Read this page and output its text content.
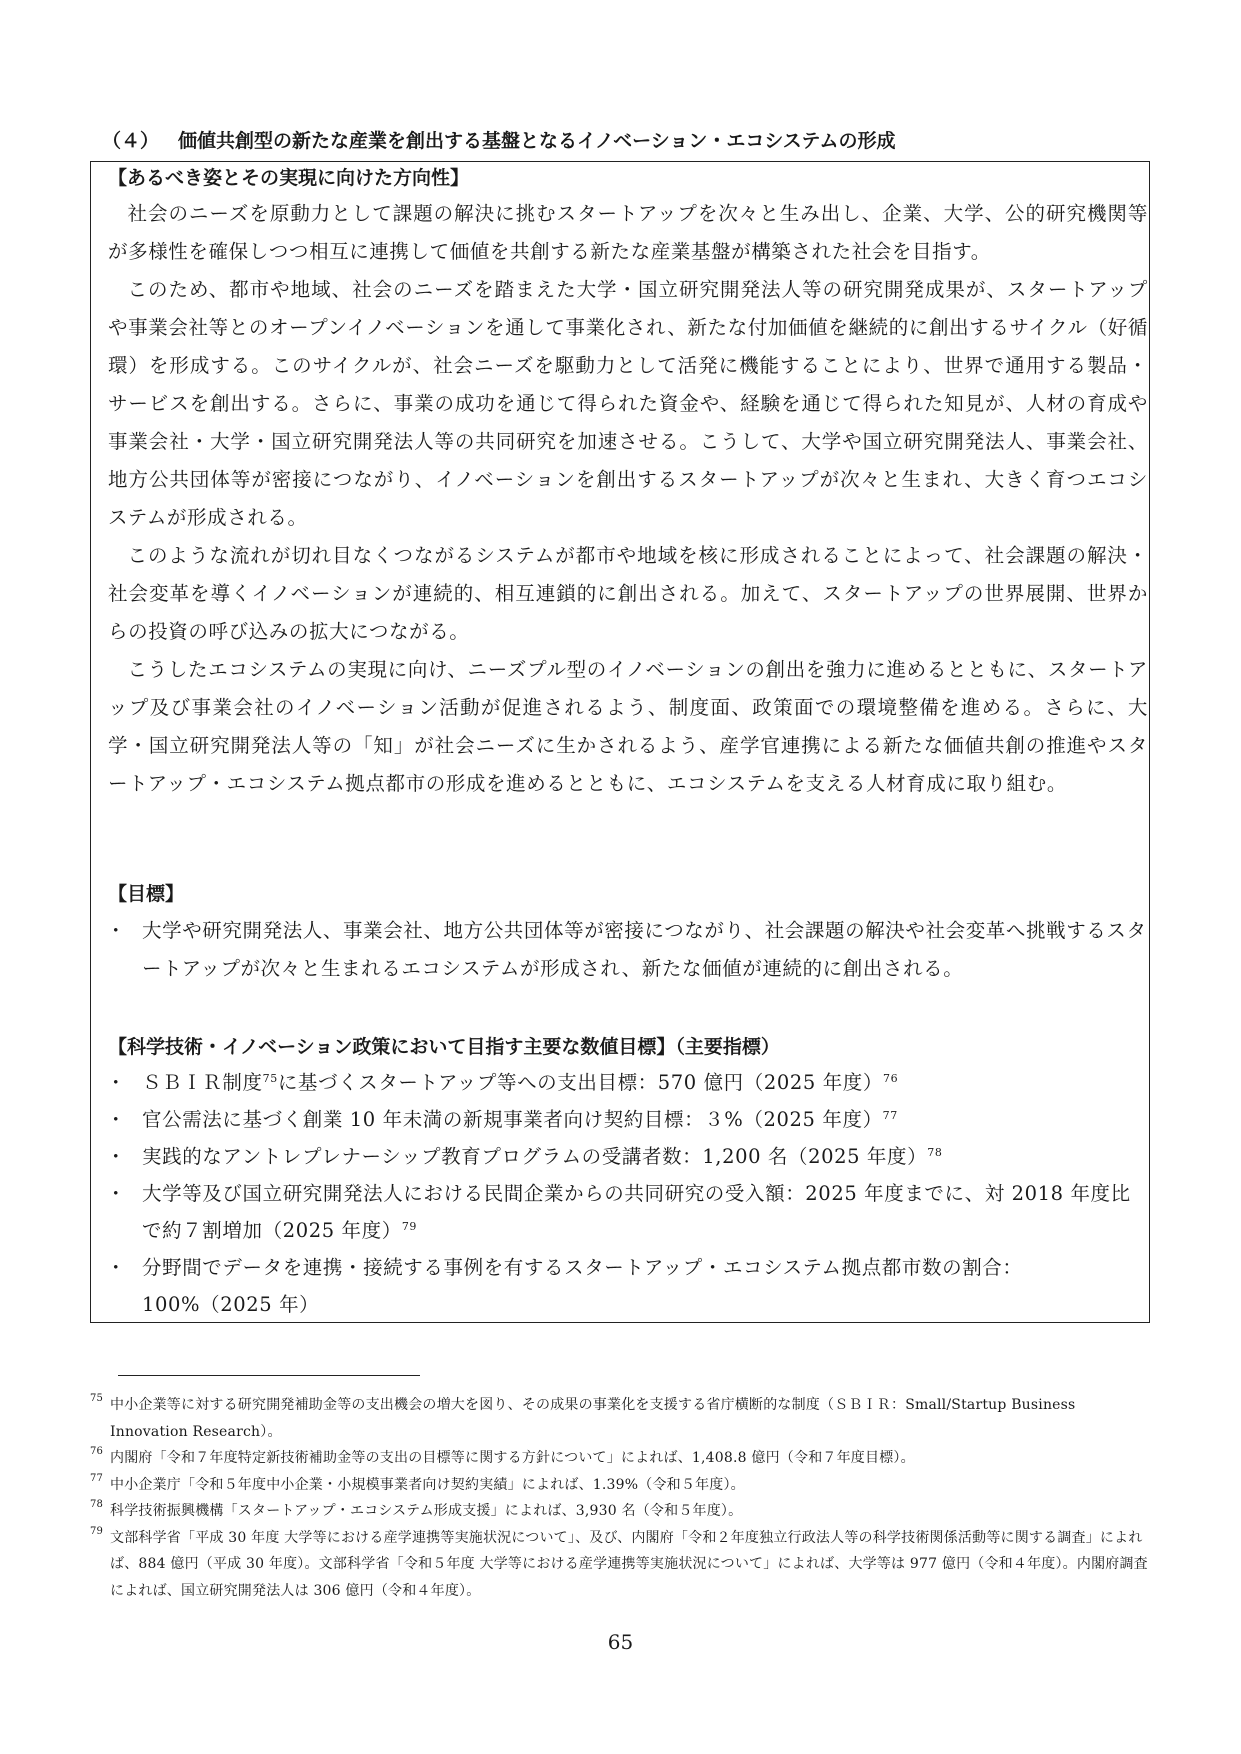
（４） 価値共創型の新たな産業を創出する基盤となるイノベーション・エコシステムの形成
【あるべき姿とその実現に向けた方向性】

社会のニーズを原動力として課題の解決に挑むスタートアップを次々と生み出し、企業、大学、公的研究機関等が多様性を確保しつつ相互に連携して価値を共創する新たな産業基盤が構築された社会を目指す。

このため、都市や地域、社会のニーズを踏まえた大学・国立研究開発法人等の研究開発成果が、スタートアップや事業会社等とのオープンイノベーションを通して事業化され、新たな付加価値を継続的に創出するサイクル（好循環）を形成する。このサイクルが、社会ニーズを駆動力として活発に機能することにより、世界で通用する製品・サービスを創出する。さらに、事業の成功を通じて得られた資金や、経験を通じて得られた知見が、人材の育成や事業会社・大学・国立研究開発法人等の共同研究を加速させる。こうして、大学や国立研究開発法人、事業会社、地方公共団体等が密接につながり、イノベーションを創出するスタートアップが次々と生まれ、大きく育つエコシステムが形成される。

このような流れが切れ目なくつながるシステムが都市や地域を核に形成されることによって、社会課題の解決・社会変革を導くイノベーションが連続的、相互連鎖的に創出される。加えて、スタートアップの世界展開、世界からの投資の呼び込みの拡大につながる。

こうしたエコシステムの実現に向け、ニーズプル型のイノベーションの創出を強力に進めるとともに、スタートアップ及び事業会社のイノベーション活動が促進されるよう、制度面、政策面での環境整備を進める。さらに、大学・国立研究開発法人等の「知」が社会ニーズに生かされるよう、産学官連携による新たな価値共創の推進やスタートアップ・エコシステム拠点都市の形成を進めるとともに、エコシステムを支える人材育成に取り組む。

【目標】
・ 大学や研究開発法人、事業会社、地方公共団体等が密接につながり、社会課題の解決や社会変革へ挑戦するスタートアップが次々と生まれるエコシステムが形成され、新たな価値が連続的に創出される。
【科学技術・イノベーション政策において目指す主要な数値目標】（主要指標）
・ ＳＢＩＲ制度$^{75}$に基づくスタートアップ等への支出目標：570 億円（2025 年度）$^{76}$
・ 官公需法に基づく創業 10 年未満の新規事業者向け契約目標：３%（2025 年度）$^{77}$
・ 実践的なアントレプレナーシップ教育プログラムの受講者数：1,200 名（2025 年度）$^{78}$
・ 大学等及び国立研究開発法人における民間企業からの共同研究の受入額：2025 年度までに、対 2018 年度比で約７割増加（2025 年度）$^{79}$
・ 分野間でデータを連携・接続する事例を有するスタートアップ・エコシステム拠点都市数の割合：100%（2025 年）
75 中小企業等に対する研究開発補助金等の支出機会の増大を図り、その成果の事業化を支援する省庁横断的な制度（ＳＢＩＲ：Small/Startup Business Innovation Research）。
76 内閣府「令和７年度特定新技術補助金等の支出の目標等に関する方針について」によれば、1,408.8 億円（令和７年度目標）。
77 中小企業庁「令和５年度中小企業・小規模事業者向け契約実績」によれば、1.39%（令和５年度）。
78 科学技術振興機構「スタートアップ・エコシステム形成支援」によれば、3,930 名（令和５年度）。
79 文部科学省「平成 30 年度 大学等における産学連携等実施状況について」、及び、内閣府「令和２年度独立行政法人等の科学技術関係活動等に関する調査」によれば、884 億円（平成 30 年度）。文部科学省「令和５年度 大学等における産学連携等実施状況について」によれば、大学等は 977 億円（令和４年度）。内閣府調査によれば、国立研究開発法人は 306 億円（令和４年度）。
65
